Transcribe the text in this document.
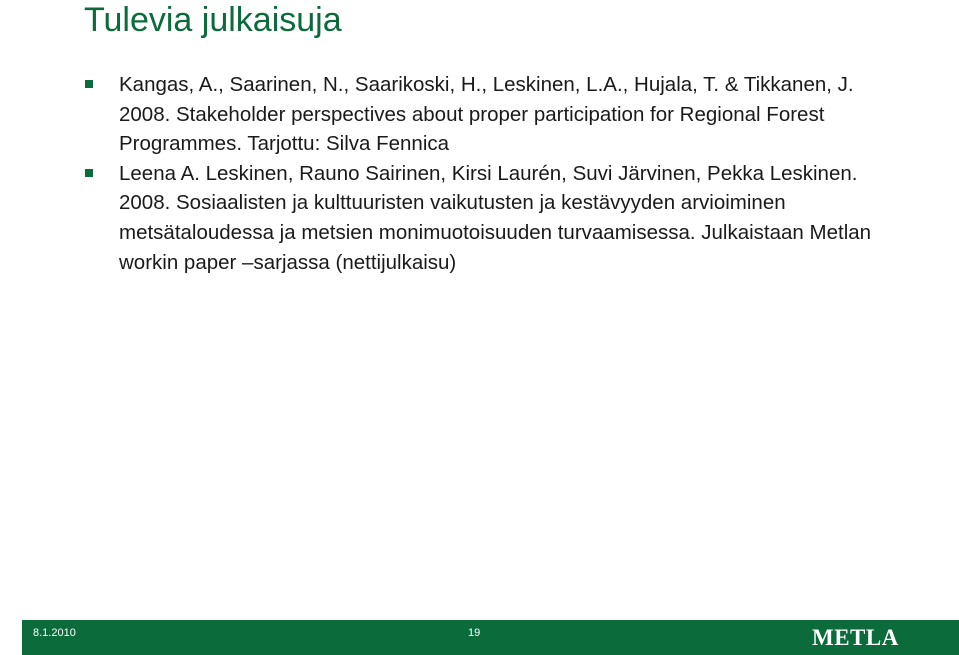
Tulevia julkaisuja
Kangas, A., Saarinen, N., Saarikoski, H., Leskinen, L.A., Hujala, T. & Tikkanen, J. 2008. Stakeholder perspectives about proper participation for Regional Forest Programmes. Tarjottu: Silva Fennica
Leena A. Leskinen, Rauno Sairinen, Kirsi Laurén, Suvi Järvinen, Pekka Leskinen. 2008. Sosiaalisten ja kulttuuristen vaikutusten ja kestävyyden arvioiminen metsätaloudessa ja metsien monimuotoisuuden turvaamisessa. Julkaistaan Metlan workin paper –sarjassa (nettijulkaisu)
8.1.2010	19	METLA
